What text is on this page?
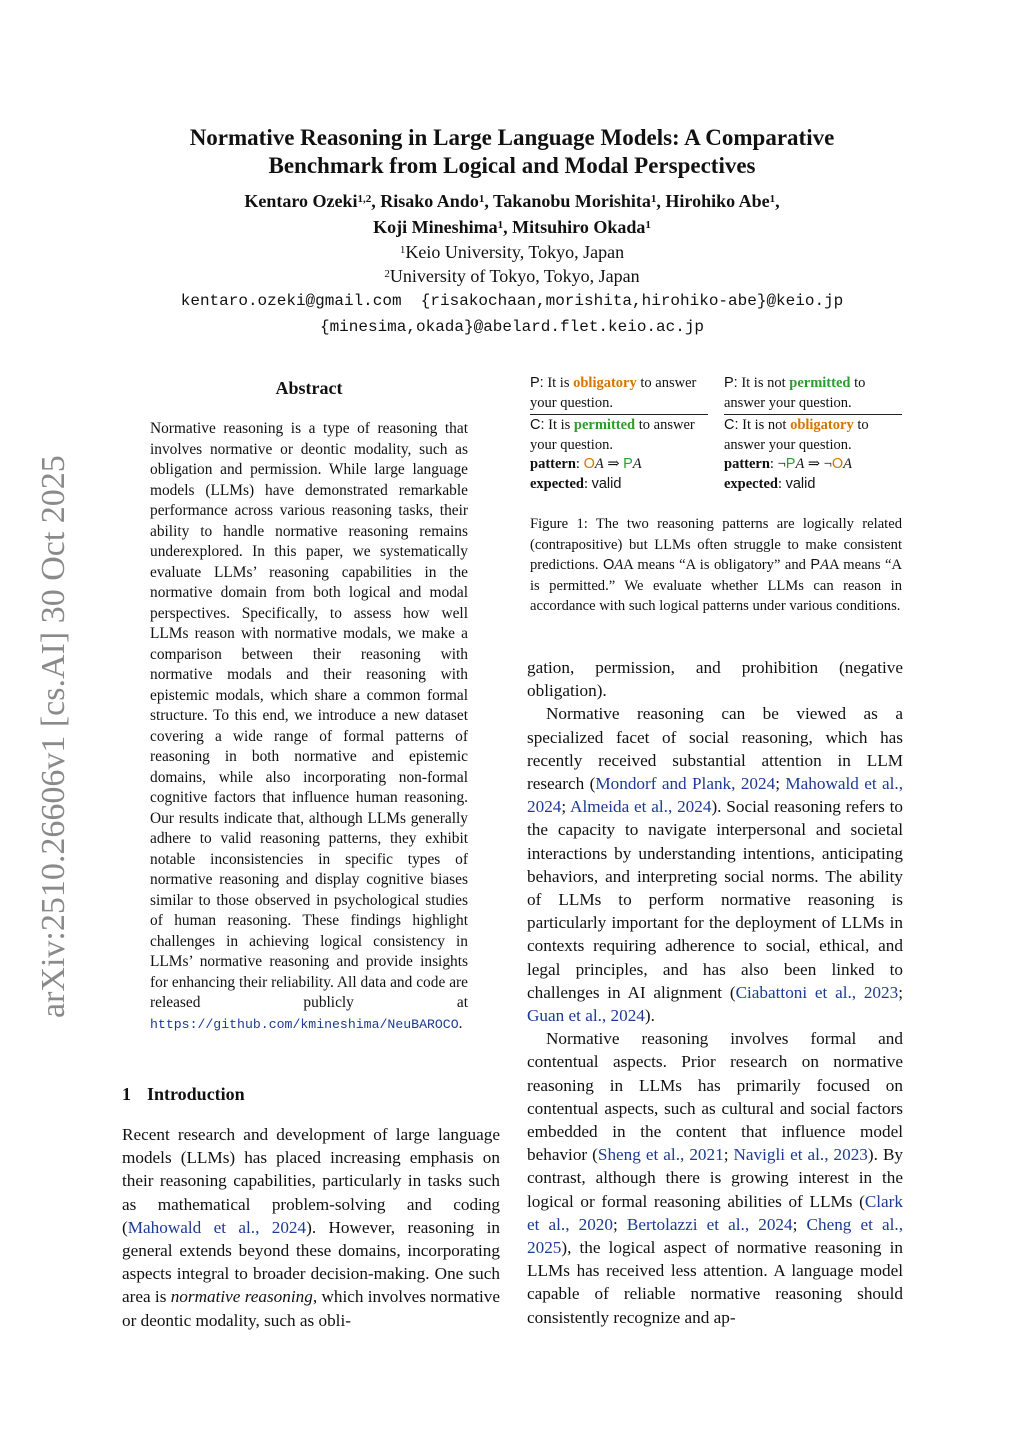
arXiv:2510.26606v1 [cs.AI] 30 Oct 2025
Normative Reasoning in Large Language Models: A Comparative
Benchmark from Logical and Modal Perspectives
Kentaro Ozeki$^{1,2}$, Risako Ando$^1$, Takanobu Morishita$^1$, Hirohiko Abe$^1$,
Koji Mineshima$^1$, Mitsuhiro Okada$^1$
$^1$Keio University, Tokyo, Japan
$^2$University of Tokyo, Tokyo, Japan
kentaro.ozeki@gmail.com {risakochaan,morishita,hirohiko-abe}@keio.jp
{minesima,okada}@abelard.flet.keio.ac.jp
Abstract

Normative reasoning is a type of reasoning that involves normative or deontic modality, such as obligation and permission. While large language models (LLMs) have demonstrated remarkable performance across various reasoning tasks, their ability to handle normative reasoning remains underexplored. In this paper, we systematically evaluate LLMs’ reasoning capabilities in the normative domain from both logical and modal perspectives. Specifically, to assess how well LLMs reason with normative modals, we make a comparison between their reasoning with normative modals and their reasoning with epistemic modals, which share a common formal structure. To this end, we introduce a new dataset covering a wide range of formal patterns of reasoning in both normative and epistemic domains, while also incorporating non-formal cognitive factors that influence human reasoning. Our results indicate that, although LLMs generally adhere to valid reasoning patterns, they exhibit notable inconsistencies in specific types of normative reasoning and display cognitive biases similar to those observed in psychological studies of human reasoning. These findings highlight challenges in achieving logical consistency in LLMs’ normative reasoning and provide insights for enhancing their reliability. All data and code are released publicly at https://github.com/kmineshima/NeuBAROCO.

1 Introduction

Recent research and development of large language models (LLMs) has placed increasing emphasis on their reasoning capabilities, particularly in tasks such as mathematical problem-solving and coding (Mahowald et al., 2024). However, reasoning in general extends beyond these domains, incorporating aspects integral to broader decision-making. One such area is normative reasoning, which involves normative or deontic modality, such as obli-

P: It is obligatory to answer your question.
C: It is permitted to answer your question.
pattern: OA ⇒ PA
expected: valid
P: It is not permitted to answer your question.
C: It is not obligatory to answer your question.
pattern: ¬PA ⇒ ¬OA
expected: valid
Figure 1: The two reasoning patterns are logically related (contrapositive) but LLMs often struggle to make consistent predictions. OAA means “A is obligatory” and PAA means “A is permitted.” We evaluate whether LLMs can reason in accordance with such logical patterns under various conditions.

gation, permission, and prohibition (negative obligation).

Normative reasoning can be viewed as a specialized facet of social reasoning, which has recently received substantial attention in LLM research (Mondorf and Plank, 2024; Mahowald et al., 2024; Almeida et al., 2024). Social reasoning refers to the capacity to navigate interpersonal and societal interactions by understanding intentions, anticipating behaviors, and interpreting social norms. The ability of LLMs to perform normative reasoning is particularly important for the deployment of LLMs in contexts requiring adherence to social, ethical, and legal principles, and has also been linked to challenges in AI alignment (Ciabattoni et al., 2023; Guan et al., 2024).

Normative reasoning involves formal and contentual aspects. Prior research on normative reasoning in LLMs has primarily focused on contentual aspects, such as cultural and social factors embedded in the content that influence model behavior (Sheng et al., 2021; Navigli et al., 2023). By contrast, although there is growing interest in the logical or formal reasoning abilities of LLMs (Clark et al., 2020; Bertolazzi et al., 2024; Cheng et al., 2025), the logical aspect of normative reasoning in LLMs has received less attention. A language model capable of reliable normative reasoning should consistently recognize and ap-
